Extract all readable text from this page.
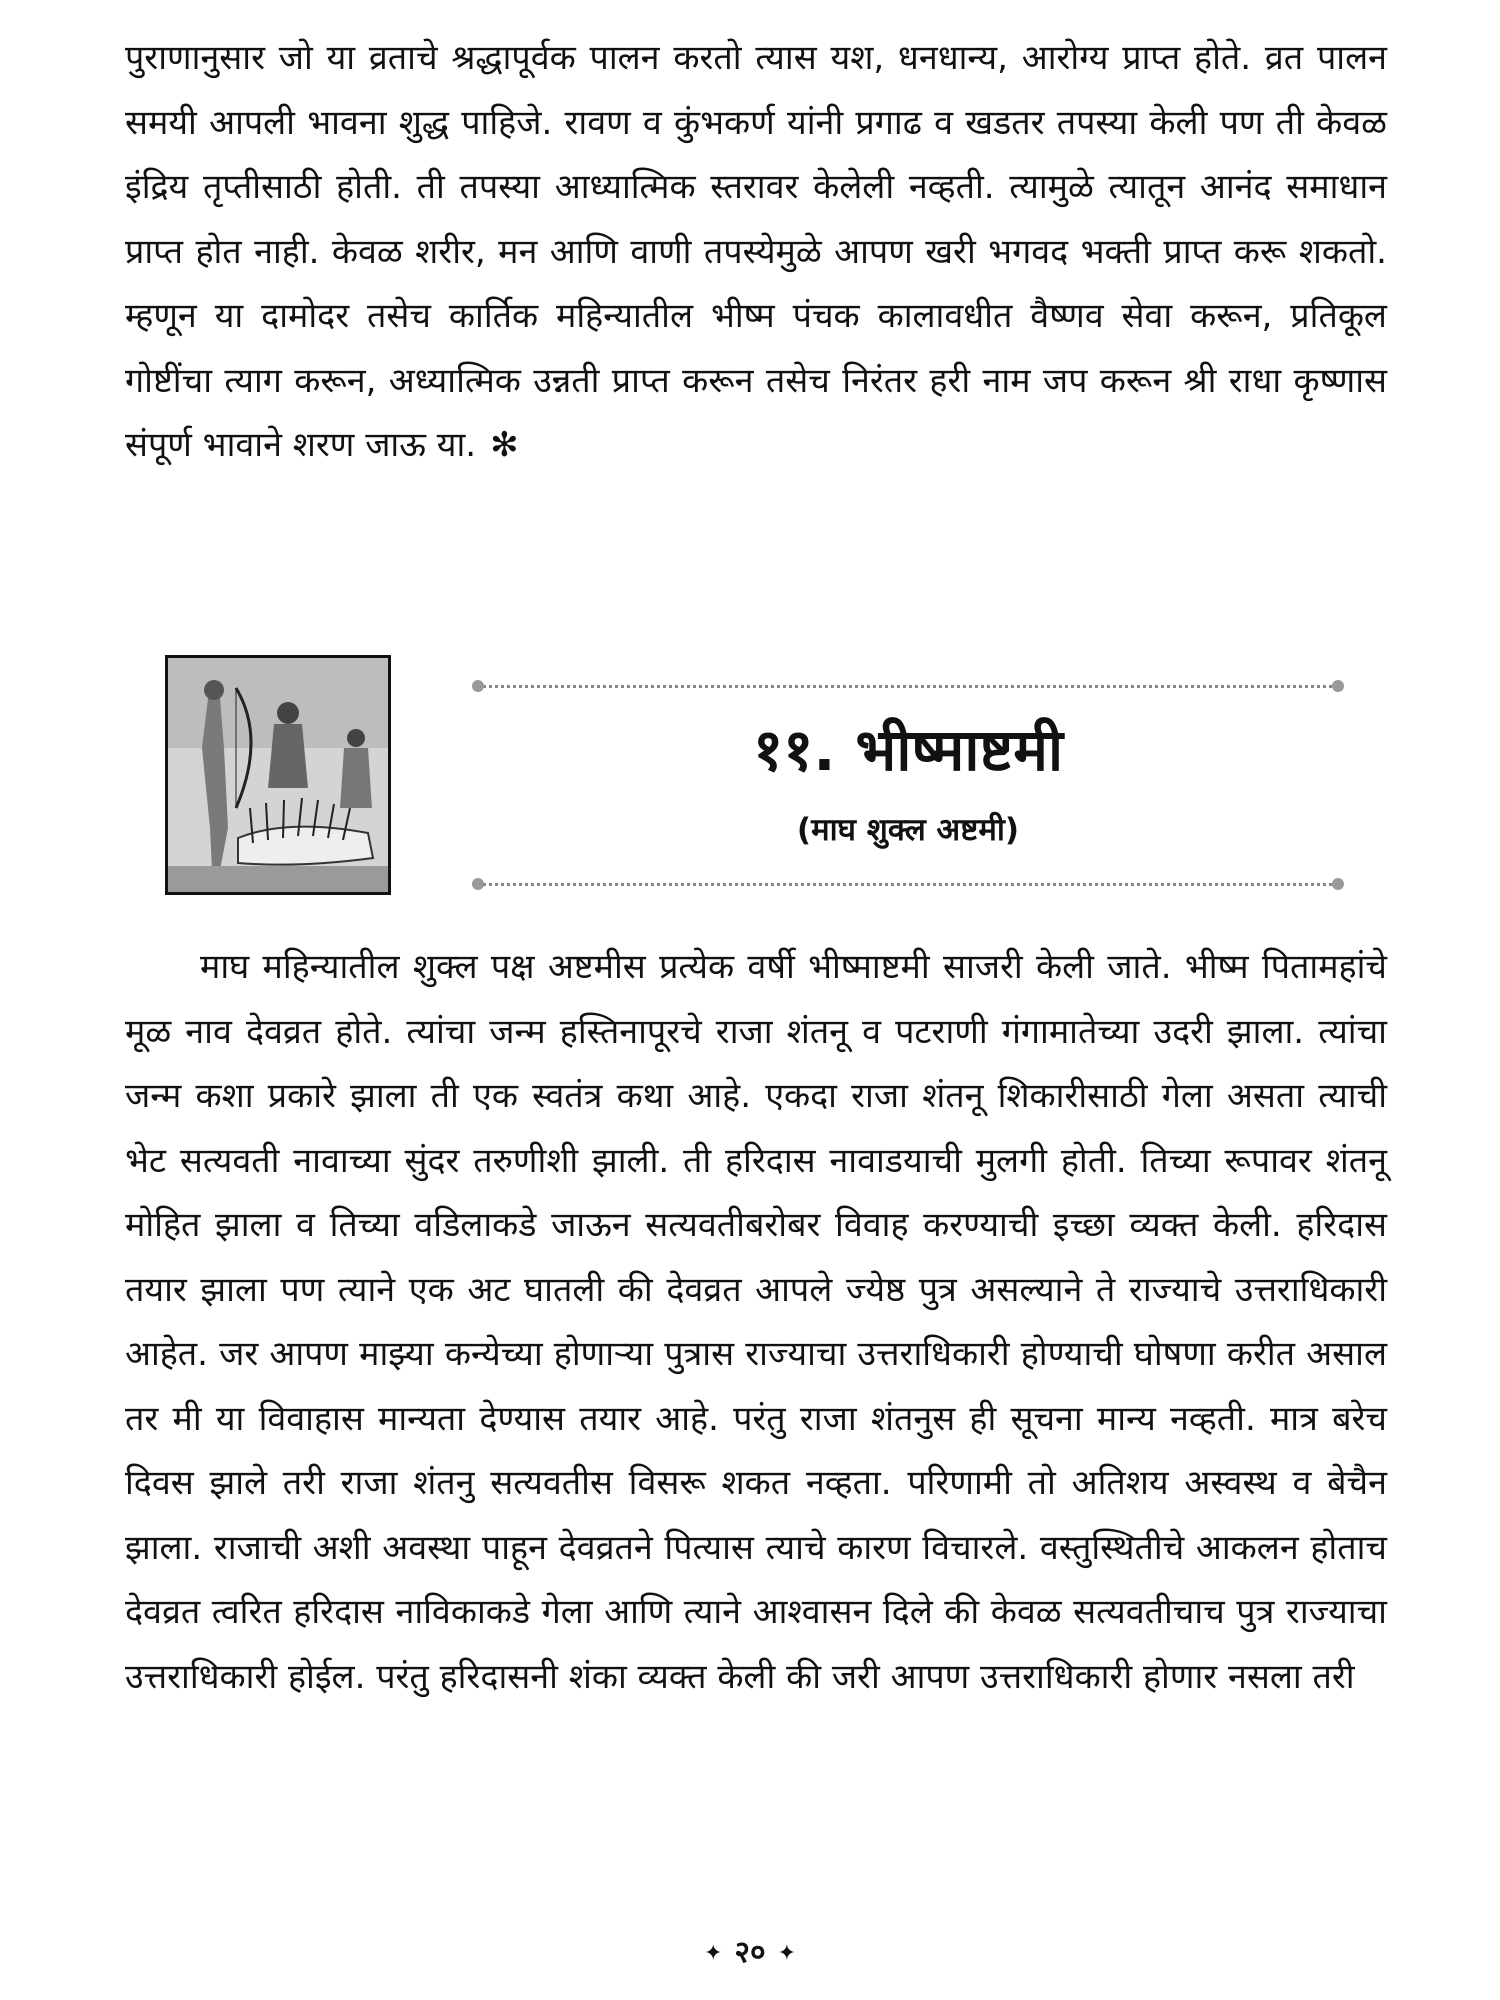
पुराणानुसार जो या व्रताचे श्रद्धापूर्वक पालन करतो त्यास यश, धनधान्य, आरोग्य प्राप्त होते. व्रत पालन समयी आपली भावना शुद्ध पाहिजे. रावण व कुंभकर्ण यांनी प्रगाढ व खडतर तपस्या केली पण ती केवळ इंद्रिय तृप्तीसाठी होती. ती तपस्या आध्यात्मिक स्तरावर केलेली नव्हती. त्यामुळे त्यातून आनंद समाधान प्राप्त होत नाही. केवळ शरीर, मन आणि वाणी तपस्येमुळे आपण खरी भगवद भक्ती प्राप्त करू शकतो. म्हणून या दामोदर तसेच कार्तिक महिन्यातील भीष्म पंचक कालावधीत वैष्णव सेवा करून, प्रतिकूल गोष्टींचा त्याग करून, अध्यात्मिक उन्नती प्राप्त करून तसेच निरंतर हरी नाम जप करून श्री राधा कृष्णास संपूर्ण भावाने शरण जाऊ या. ✻

११. भीष्माष्टमी

(माघ शुक्ल अष्टमी)

माघ महिन्यातील शुक्ल पक्ष अष्टमीस प्रत्येक वर्षी भीष्माष्टमी साजरी केली जाते. भीष्म पितामहांचे मूळ नाव देवव्रत होते. त्यांचा जन्म हस्तिनापूरचे राजा शंतनू व पटराणी गंगामातेच्या उदरी झाला. त्यांचा जन्म कशा प्रकारे झाला ती एक स्वतंत्र कथा आहे. एकदा राजा शंतनू शिकारीसाठी गेला असता त्याची भेट सत्यवती नावाच्या सुंदर तरुणीशी झाली. ती हरिदास नावाडयाची मुलगी होती. तिच्या रूपावर शंतनू मोहित झाला व तिच्या वडिलाकडे जाऊन सत्यवतीबरोबर विवाह करण्याची इच्छा व्यक्त केली. हरिदास तयार झाला पण त्याने एक अट घातली की देवव्रत आपले ज्येष्ठ पुत्र असल्याने ते राज्याचे उत्तराधिकारी आहेत. जर आपण माझ्या कन्येच्या होणाऱ्या पुत्रास राज्याचा उत्तराधिकारी होण्याची घोषणा करीत असाल तर मी या विवाहास मान्यता देण्यास तयार आहे. परंतु राजा शंतनुस ही सूचना मान्य नव्हती. मात्र बरेच दिवस झाले तरी राजा शंतनु सत्यवतीस विसरू शकत नव्हता. परिणामी तो अतिशय अस्वस्थ व बेचैन झाला. राजाची अशी अवस्था पाहून देवव्रतने पित्यास त्याचे कारण विचारले. वस्तुस्थितीचे आकलन होताच देवव्रत त्वरित हरिदास नाविकाकडे गेला आणि त्याने आश्वासन दिले की केवळ सत्यवतीचाच पुत्र राज्याचा उत्तराधिकारी होईल. परंतु हरिदासनी शंका व्यक्त केली की जरी आपण उत्तराधिकारी होणार नसला तरी

✦ २० ✦
